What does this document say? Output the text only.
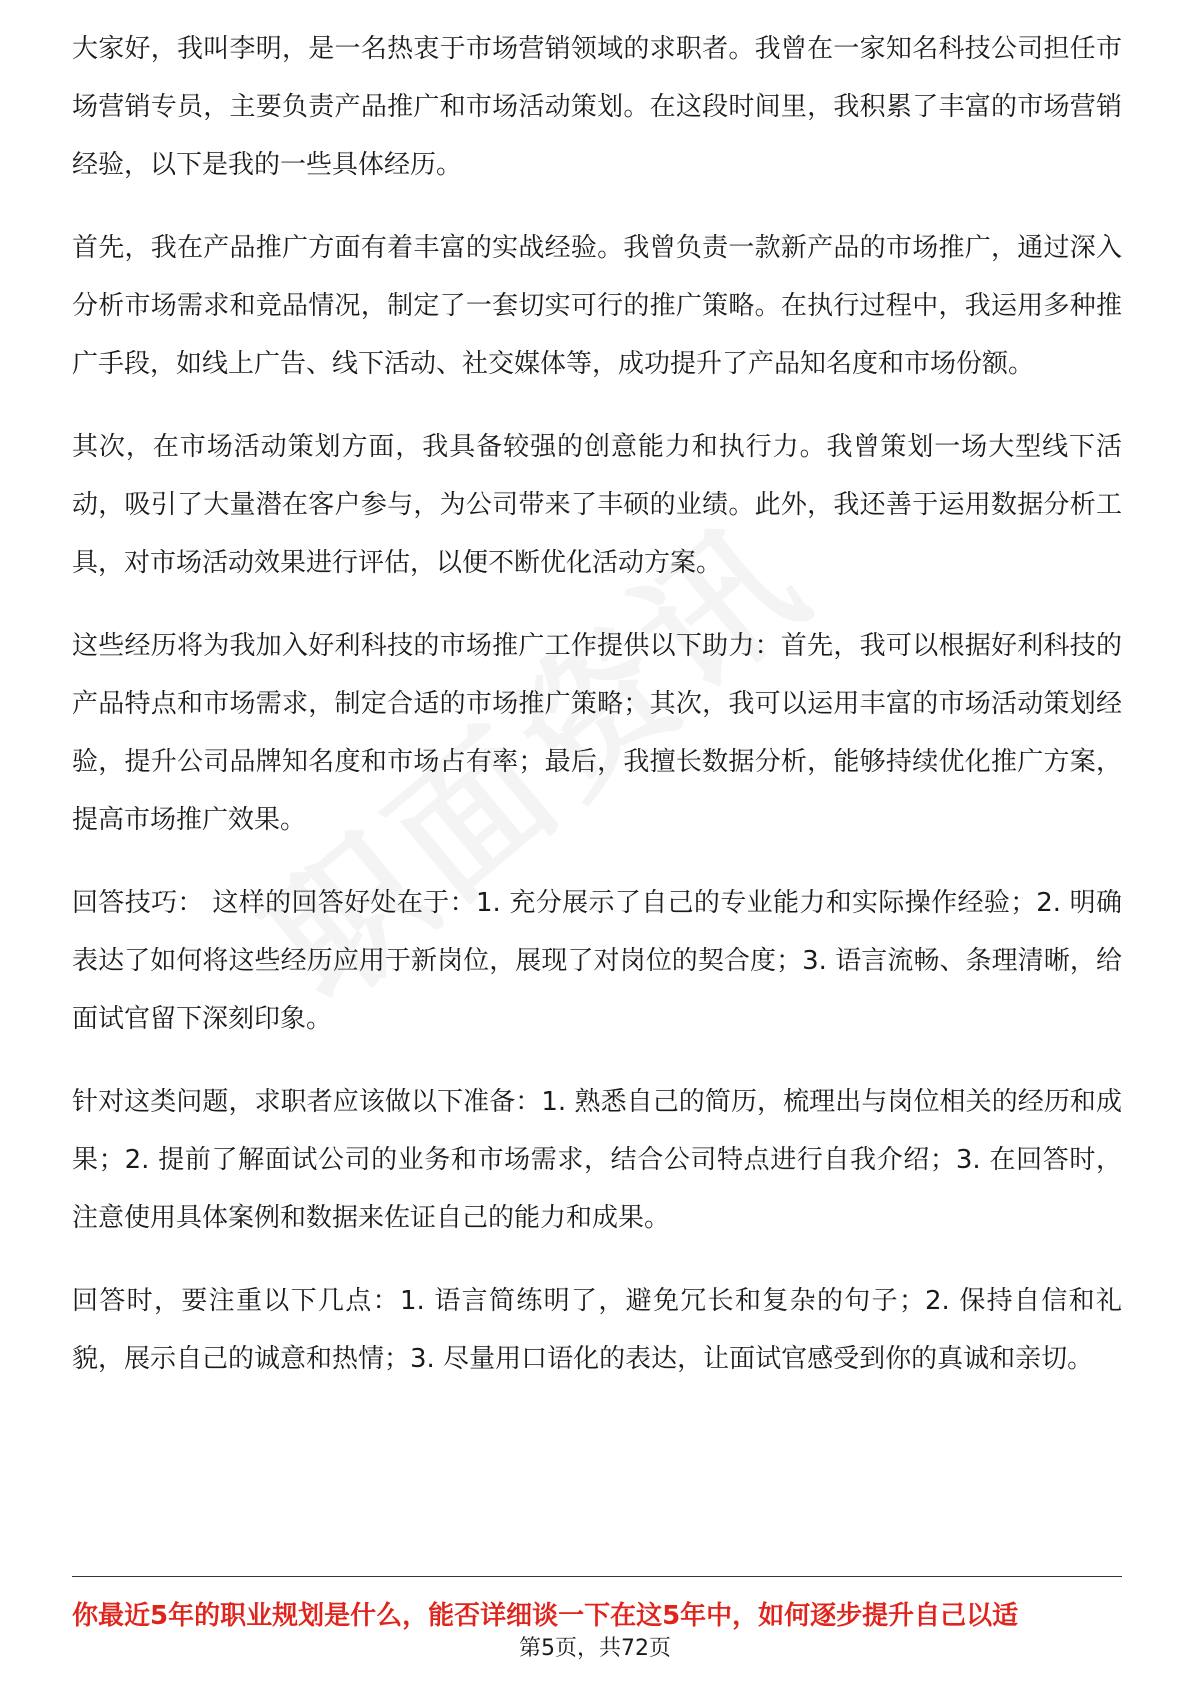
大家好，我叫李明，是一名热衷于市场营销领域的求职者。我曾在一家知名科技公司担任市场营销专员，主要负责产品推广和市场活动策划。在这段时间里，我积累了丰富的市场营销经验，以下是我的一些具体经历。

首先，我在产品推广方面有着丰富的实战经验。我曾负责一款新产品的市场推广，通过深入分析市场需求和竞品情况，制定了一套切实可行的推广策略。在执行过程中，我运用多种推广手段，如线上广告、线下活动、社交媒体等，成功提升了产品知名度和市场份额。

其次，在市场活动策划方面，我具备较强的创意能力和执行力。我曾策划一场大型线下活动，吸引了大量潜在客户参与，为公司带来了丰硕的业绩。此外，我还善于运用数据分析工具，对市场活动效果进行评估，以便不断优化活动方案。

这些经历将为我加入好利科技的市场推广工作提供以下助力：首先，我可以根据好利科技的产品特点和市场需求，制定合适的市场推广策略；其次，我可以运用丰富的市场活动策划经验，提升公司品牌知名度和市场占有率；最后，我擅长数据分析，能够持续优化推广方案，提高市场推广效果。

回答技巧： 这样的回答好处在于：1. 充分展示了自己的专业能力和实际操作经验；2. 明确表达了如何将这些经历应用于新岗位，展现了对岗位的契合度；3. 语言流畅、条理清晰，给面试官留下深刻印象。

针对这类问题，求职者应该做以下准备：1. 熟悉自己的简历，梳理出与岗位相关的经历和成果；2. 提前了解面试公司的业务和市场需求，结合公司特点进行自我介绍；3. 在回答时，注意使用具体案例和数据来佐证自己的能力和成果。

回答时，要注重以下几点：1. 语言简练明了，避免冗长和复杂的句子；2. 保持自信和礼貌，展示自己的诚意和热情；3. 尽量用口语化的表达，让面试官感受到你的真诚和亲切。

你最近5年的职业规划是什么，能否详细谈一下在这5年中，如何逐步提升自己以适
第5页，共72页
